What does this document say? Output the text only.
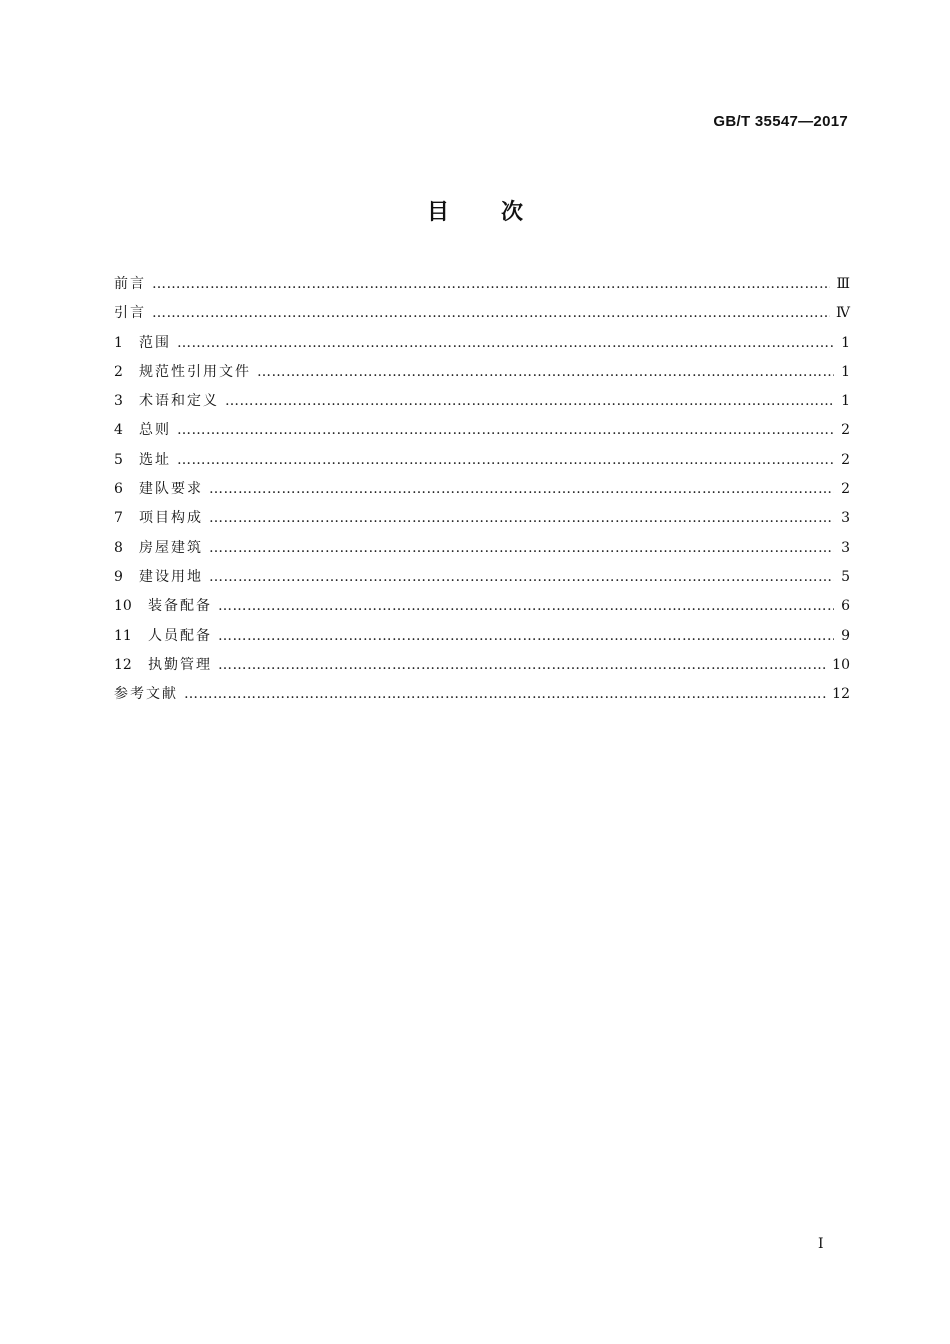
GB/T 35547—2017
目次
前言 ……………………………………………………………………………………………………………………………………………………………………………………………………………	Ⅲ
引言 ……………………………………………………………………………………………………………………………………………………………………………………………………………	Ⅳ
1	范围 ……………………………………………………………………………………………………………………………………………………………………………………………………………	1
2	规范性引用文件 ……………………………………………………………………………………………………………………………………………………………………………………………………………	1
3	术语和定义 ……………………………………………………………………………………………………………………………………………………………………………………………………………	1
4	总则 ……………………………………………………………………………………………………………………………………………………………………………………………………………	2
5	选址 ……………………………………………………………………………………………………………………………………………………………………………………………………………	2
6	建队要求 ……………………………………………………………………………………………………………………………………………………………………………………………………………	2
7	项目构成 ……………………………………………………………………………………………………………………………………………………………………………………………………………	3
8	房屋建筑 ……………………………………………………………………………………………………………………………………………………………………………………………………………	3
9	建设用地 ……………………………………………………………………………………………………………………………………………………………………………………………………………	5
10	装备配备 ……………………………………………………………………………………………………………………………………………………………………………………………………………	6
11	人员配备 ……………………………………………………………………………………………………………………………………………………………………………………………………………	9
12	执勤管理 ……………………………………………………………………………………………………………………………………………………………………………………………………………	10
参考文献 ……………………………………………………………………………………………………………………………………………………………………………………………………………	12
I
